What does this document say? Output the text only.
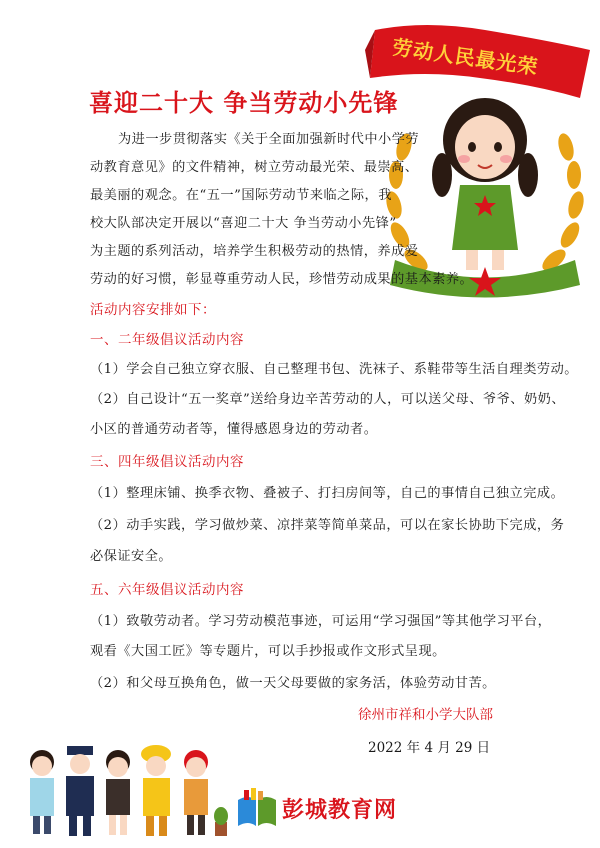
劳动人民最光荣
喜迎二十大 争当劳动小先锋
为进一步贯彻落实《关于全面加强新时代中小学劳
动教育意见》的文件精神，树立劳动最光荣、最崇高、
最美丽的观念。在“五一”国际劳动节来临之际，我
校大队部决定开展以“喜迎二十大 争当劳动小先锋”
为主题的系列活动，培养学生积极劳动的热情，养成爱
劳动的好习惯，彰显尊重劳动人民，珍惜劳动成果的基本素养。
活动内容安排如下：
一、二年级倡议活动内容
（1）学会自己独立穿衣服、自己整理书包、洗袜子、系鞋带等生活自理类劳动。
（2）自己设计“五一奖章”送给身边辛苦劳动的人，可以送父母、爷爷、奶奶、
小区的普通劳动者等，懂得感恩身边的劳动者。
三、四年级倡议活动内容
（1）整理床铺、换季衣物、叠被子、打扫房间等，自己的事情自己独立完成。
（2）动手实践，学习做炒菜、凉拌菜等简单菜品，可以在家长协助下完成，务
必保证安全。
五、六年级倡议活动内容
（1）致敬劳动者。学习劳动模范事迹，可运用“学习强国”等其他学习平台，
观看《大国工匠》等专题片，可以手抄报或作文形式呈现。
（2）和父母互换角色，做一天父母要做的家务活，体验劳动甘苦。
徐州市祥和小学大队部
2022 年 4 月 29 日
彭城教育网
